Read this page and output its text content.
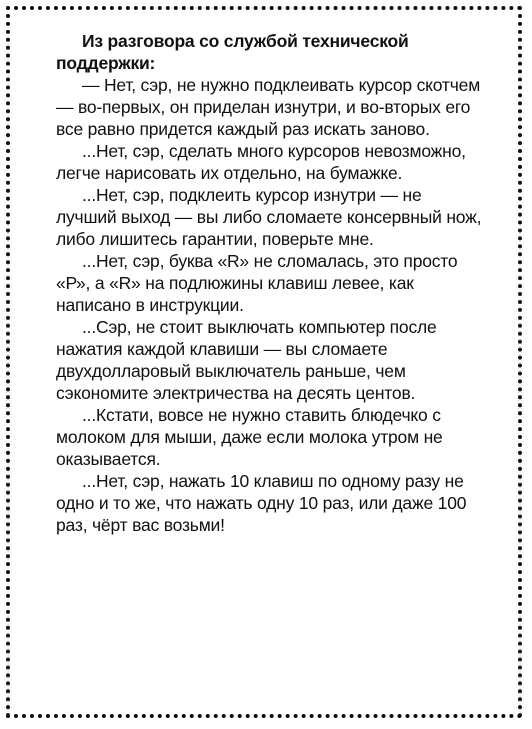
Из разговора со службой технической поддержки:

— Нет, сэр, не нужно подклеивать курсор скотчем — во-первых, он приделан изнутри, и во-вторых его все равно придется каждый раз искать заново.

...Нет, сэр, сделать много курсоров невозможно, легче нарисовать их отдельно, на бумажке.

...Нет, сэр, подклеить курсор изнутри — не лучший выход — вы либо сломаете консервный нож, либо лишитесь гарантии, поверьте мне.

...Нет, сэр, буква «R» не сломалась, это просто «Р», а «R» на подлюжины клавиш левее, как написано в инструкции.

...Сэр, не стоит выключать компьютер после нажатия каждой клавиши — вы сломаете двухдолларовый выключатель раньше, чем сэкономите электричества на десять центов.

...Кстати, вовсе не нужно ставить блюдечко с молоком для мыши, даже если молока утром не оказывается.

...Нет, сэр, нажать 10 клавиш по одному разу не одно и то же, что нажать одну 10 раз, или даже 100 раз, чёрт вас возьми!
